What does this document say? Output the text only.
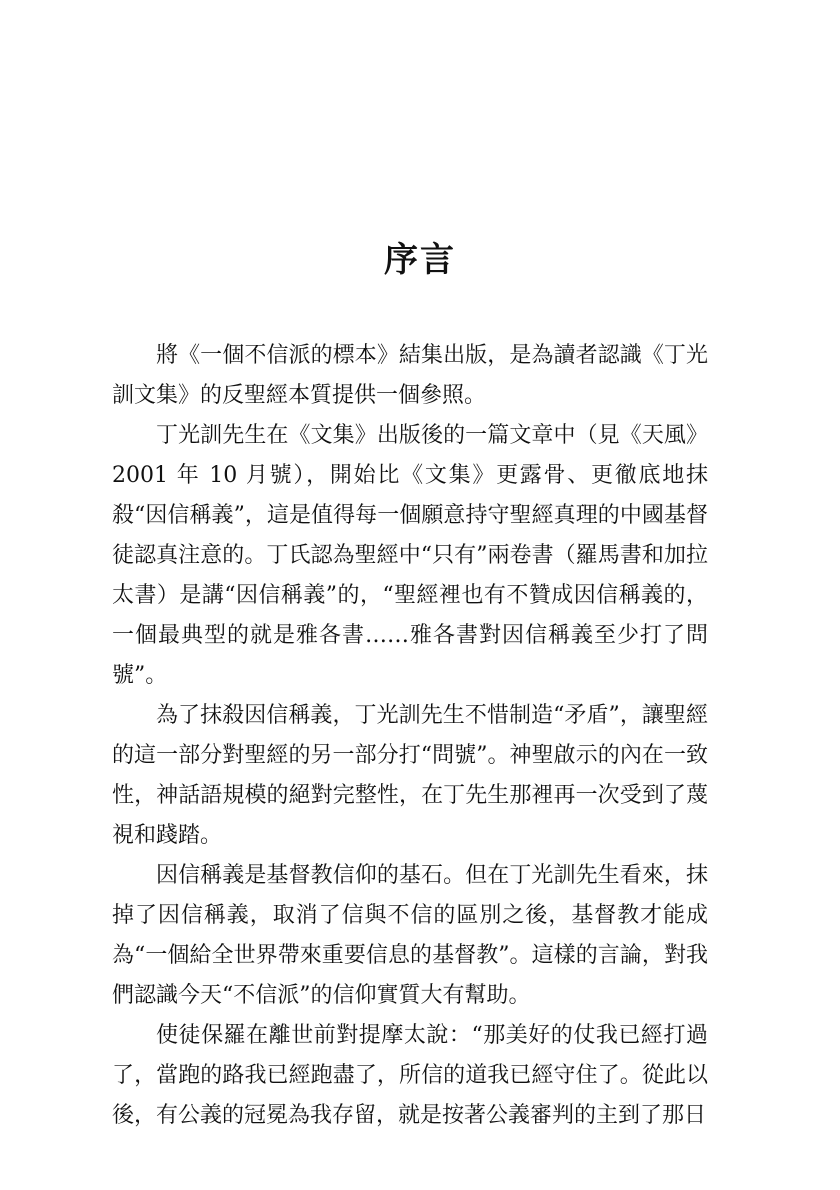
序言

將《一個不信派的標本》結集出版，是為讀者認識《丁光訓文集》的反聖經本質提供一個參照。

丁光訓先生在《文集》出版後的一篇文章中（見《天風》2001 年 10 月號），開始比《文集》更露骨、更徹底地抹殺“因信稱義”，這是值得每一個願意持守聖經真理的中國基督徒認真注意的。丁氏認為聖經中“只有”兩卷書（羅馬書和加拉太書）是講“因信稱義”的，“聖經裡也有不贊成因信稱義的，一個最典型的就是雅各書……雅各書對因信稱義至少打了問號”。

為了抹殺因信稱義，丁光訓先生不惜制造“矛盾”，讓聖經的這一部分對聖經的另一部分打“問號”。神聖啟示的內在一致性，神話語規模的絕對完整性，在丁先生那裡再一次受到了蔑視和踐踏。

因信稱義是基督教信仰的基石。但在丁光訓先生看來，抹掉了因信稱義，取消了信與不信的區別之後，基督教才能成為“一個給全世界帶來重要信息的基督教”。這樣的言論，對我們認識今天“不信派”的信仰實質大有幫助。

使徒保羅在離世前對提摩太說：“那美好的仗我已經打過了，當跑的路我已經跑盡了，所信的道我已經守住了。從此以後，有公義的冠冕為我存留，就是按著公義審判的主到了那日
